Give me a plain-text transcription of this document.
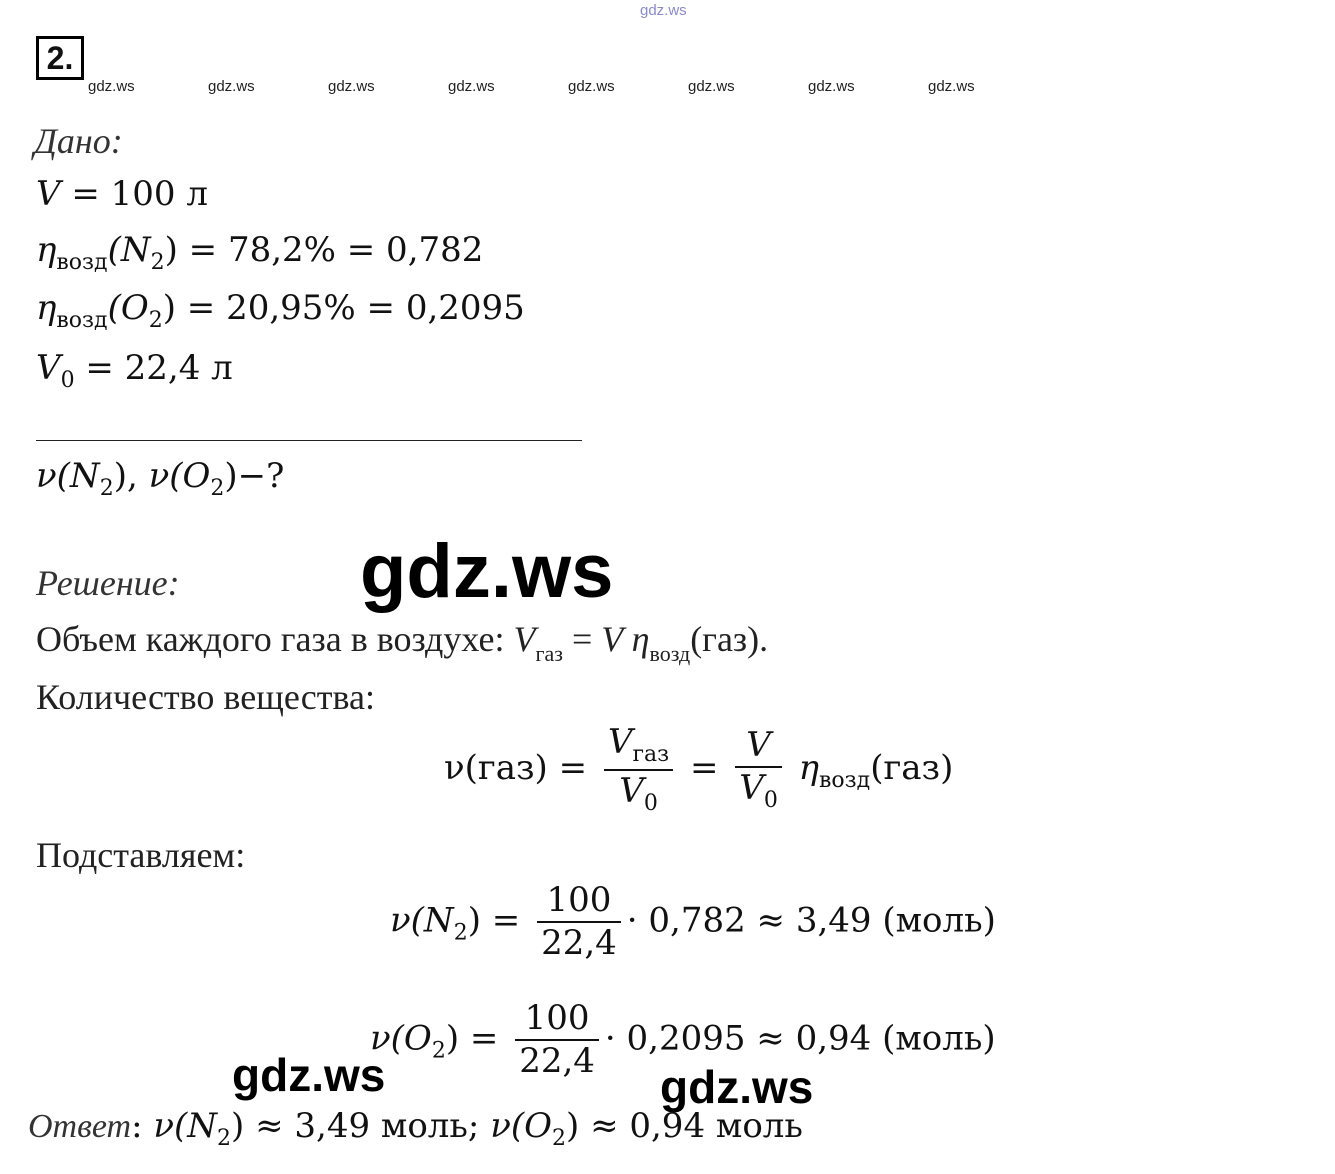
gdz.ws
2.
gdz.ws	gdz.ws	gdz.ws	gdz.ws	gdz.ws	gdz.ws	gdz.ws	gdz.ws
Дано:
V = 100 л
$\eta_{возд}(N_2) = 78,2\% = 0,782$
$\eta_{возд}(O_2) = 20,95\% = 0,2095$
$V_0 = 22,4$ л
$\nu(N_2)$, $\nu(O_2)-$?
gdz.ws
Решение:
Объем каждого газа в воздухе: $V_{газ} = V$ $\eta_{возд}(газ)$.
Количество вещества:
$\nu(газ) = \frac{V_{газ}}{V_0} = \frac{V}{V_0} \eta_{возд}(газ)$
Подставляем:
$\nu(N_2) = \frac{100}{22,4} \cdot 0,782 \approx 3,49$ (моль)
$\nu(O_2) = \frac{100}{22,4} \cdot 0,2095 \approx 0,94$ (моль)
gdz.ws	gdz.ws
Ответ: $\nu(N_2) \approx 3,49$ моль; $\nu(O_2) \approx 0,94$ моль
